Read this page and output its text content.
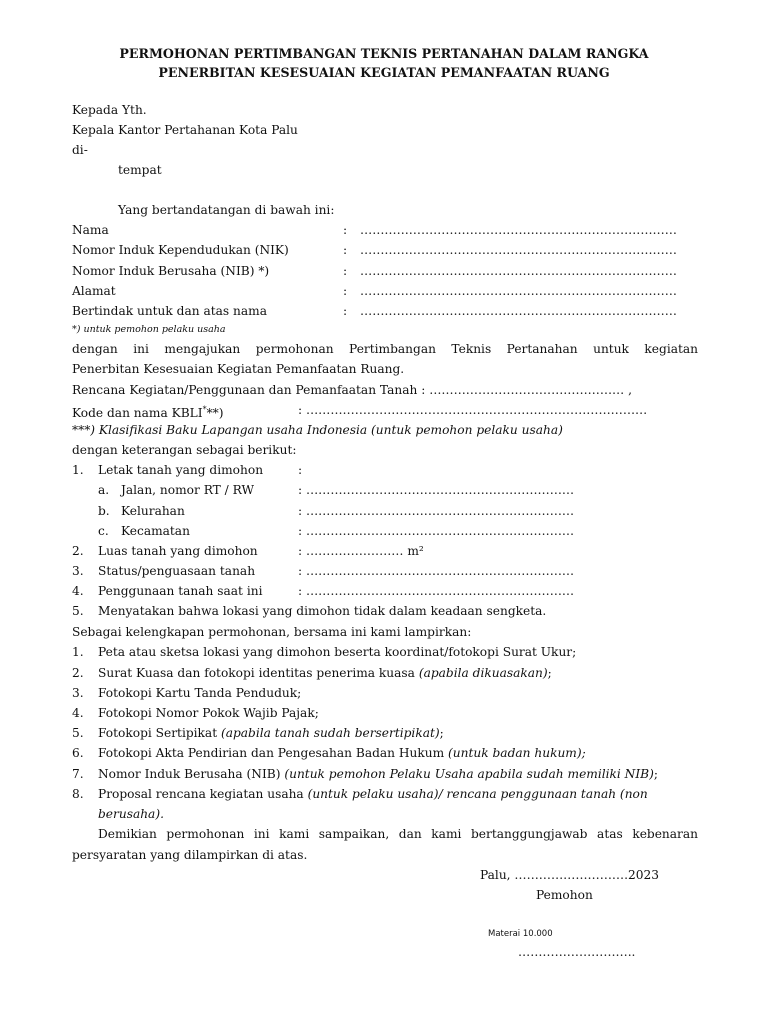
PERMOHONAN PERTIMBANGAN TEKNIS PERTANAHAN DALAM RANGKA
PENERBITAN KESESUAIAN KEGIATAN PEMANFAATAN RUANG
Kepada Yth.
Kepala Kantor Pertahanan Kota Palu
di-
tempat
Yang bertandatangan di bawah ini:
Nama	: ……………………………………………………………………
Nomor Induk Kependudukan (NIK)	: ……………………………………………………………………
Nomor Induk Berusaha (NIB) *)	: ……………………………………………………………………
Alamat	: ……………………………………………………………………
Bertindak untuk dan atas nama	: ……………………………………………………………………
*) untuk pemohon pelaku usaha
dengan ini mengajukan permohonan Pertimbangan Teknis Pertanahan untuk kegiatan
Penerbitan Kesesuaian Kegiatan Pemanfaatan Ruang.
Rencana Kegiatan/Penggunaan dan Pemanfaatan Tanah : ………………………………………… ,
Kode dan nama KBLI***)	: …………………………………………………………………………
***) Klasifikasi Baku Lapangan usaha Indonesia (untuk pemohon pelaku usaha)
dengan keterangan sebagai berikut:
1. Letak tanah yang dimohon	:
a. Jalan, nomor RT / RW	: …………………………………………………………
b. Kelurahan	: …………………………………………………………
c. Kecamatan	: …………………………………………………………
2. Luas tanah yang dimohon	: …………………… m²
3. Status/penguasaan tanah	: …………………………………………………………
4. Penggunaan tanah saat ini	: …………………………………………………………
5. Menyatakan bahwa lokasi yang dimohon tidak dalam keadaan sengketa.
Sebagai kelengkapan permohonan, bersama ini kami lampirkan:
1. Peta atau sketsa lokasi yang dimohon beserta koordinat/fotokopi Surat Ukur;
2. Surat Kuasa dan fotokopi identitas penerima kuasa (apabila dikuasakan);
3. Fotokopi Kartu Tanda Penduduk;
4. Fotokopi Nomor Pokok Wajib Pajak;
5. Fotokopi Sertipikat (apabila tanah sudah bersertipikat);
6. Fotokopi Akta Pendirian dan Pengesahan Badan Hukum (untuk badan hukum);
7. Nomor Induk Berusaha (NIB) (untuk pemohon Pelaku Usaha apabila sudah memiliki NIB);
8. Proposal rencana kegiatan usaha (untuk pelaku usaha)/ rencana penggunaan tanah (non
berusaha).
Demikian permohonan ini kami sampaikan, dan kami bertanggungjawab atas kebenaran
persyaratan yang dilampirkan di atas.
Palu, ……………………….2023
Pemohon
Materai 10.000
………………………..
